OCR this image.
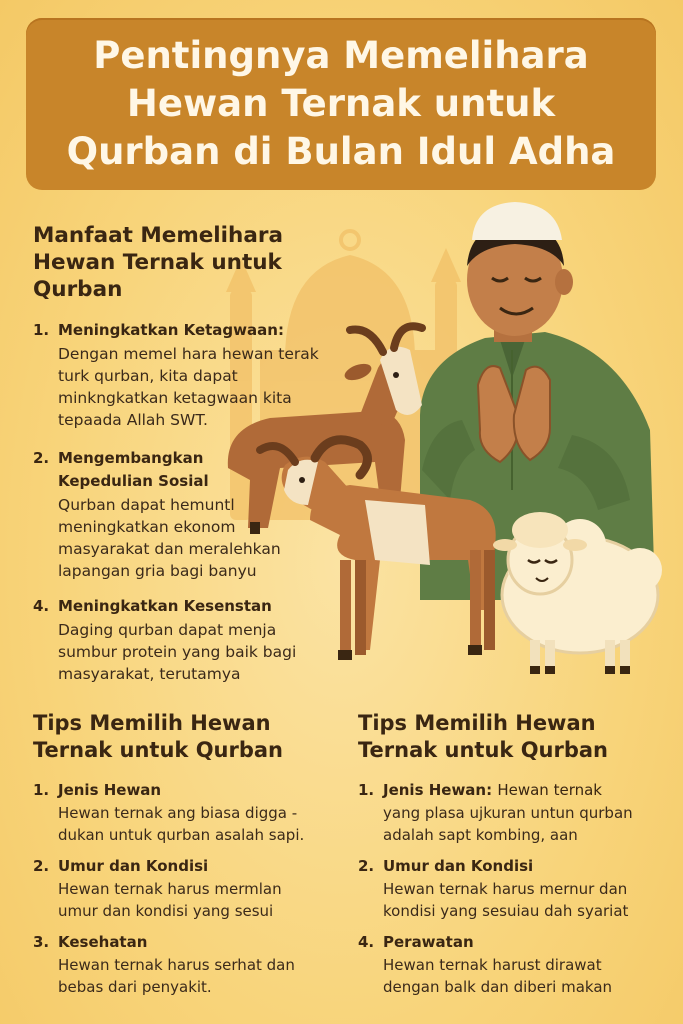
Pentingnya Memelihara
Hewan Ternak untuk
Qurban di Bulan Idul Adha
Manfaat Memelihara
Hewan Ternak untuk
Qurban
1. Meningkatkan Ketagwaan:
Dengan memel hara hewan terak
turk qurban, kita dapat
minkngkatkan ketagwaan kita
tepaada Allah SWT.
2. Mengembangkan
Kepedulian Sosial
Qurban dapat hemuntl
meningkatkan ekonom
masyarakat dan meralehkan
lapangan gria bagi banyu
4. Meningkatkan Kesenstan
Daging qurban dapat menja
sumbur protein yang baik bagi
masyarakat, terutamya
Tips Memilih Hewan
Ternak untuk Qurban
1. Jenis Hewan
Hewan ternak ang biasa digga -
dukan untuk qurban asalah sapi.
2. Umur dan Kondisi
Hewan ternak harus mermlan
umur dan kondisi yang sesui
3. Kesehatan
Hewan ternak harus serhat dan
bebas dari penyakit.
Tips Memilih Hewan
Ternak untuk Qurban
1. Jenis Hewan: Hewan ternak
yang plasa ujkuran untun qurban
adalah sapt kombing, aan
2. Umur dan Kondisi
Hewan ternak harus mernur dan
kondisi yang sesuiau dah syariat
4. Perawatan
Hewan ternak harust dirawat
dengan balk dan diberi makan
